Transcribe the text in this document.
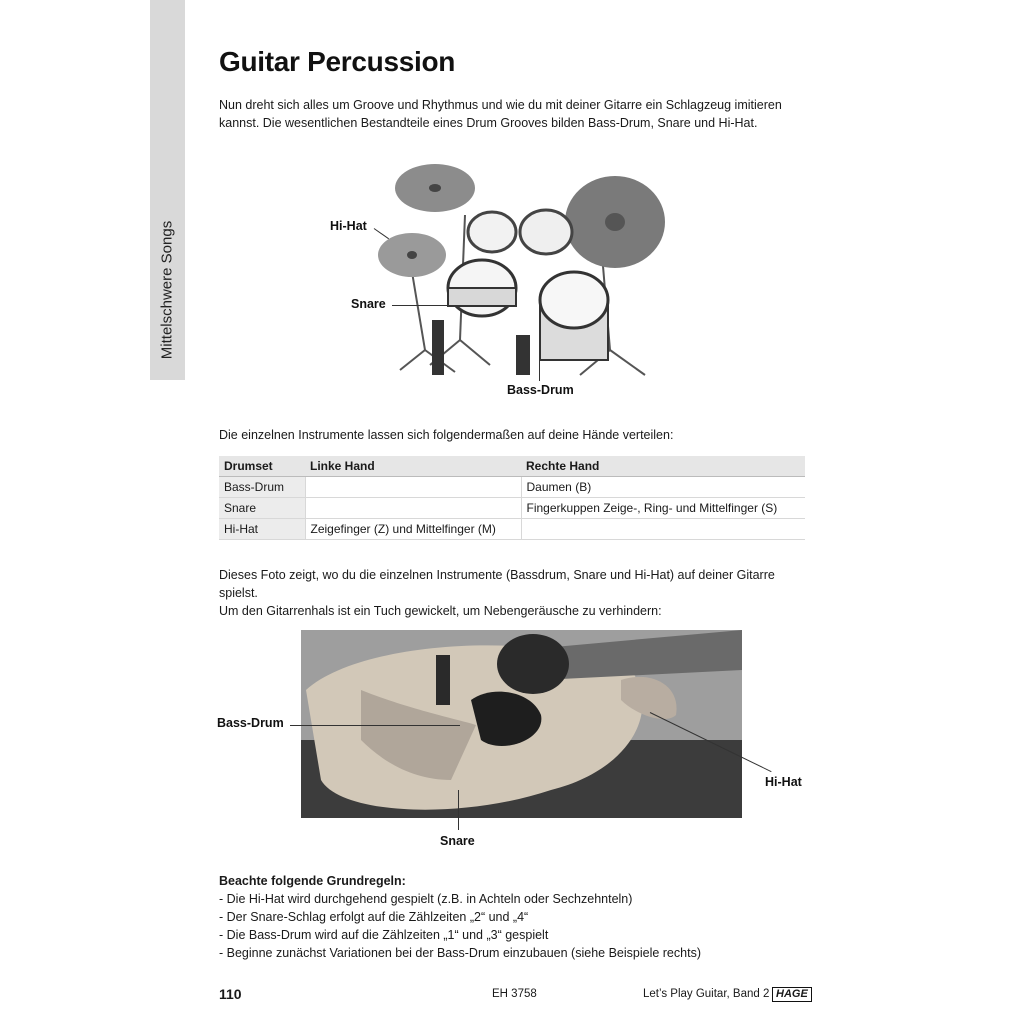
Mittelschwere Songs
Guitar Percussion

Nun dreht sich alles um Groove und Rhythmus und wie du mit deiner Gitarre ein Schlagzeug imitieren

kannst. Die wesentlichen Bestandteile eines Drum Grooves bilden Bass-Drum, Snare und Hi-Hat.

Hi-Hat
Snare
Bass-Drum
Die einzelnen Instrumente lassen sich folgendermaßen auf deine Hände verteilen:
Drumset	Linke Hand	Rechte Hand
Bass-Drum		Daumen (B)
Snare		Fingerkuppen Zeige-, Ring- und Mittelfinger (S)
Hi-Hat	Zeigefinger (Z) und Mittelfinger (M)	

Dieses Foto zeigt, wo du die einzelnen Instrumente (Bassdrum, Snare und Hi-Hat) auf deiner Gitarre spielst.

Um den Gitarrenhals ist ein Tuch gewickelt, um Nebengeräusche zu verhindern:

Bass-Drum
Hi-Hat
Snare
Beachte folgende Grundregeln:
- Die Hi-Hat wird durchgehend gespielt (z.B. in Achteln oder Sechzehnteln)
- Der Snare-Schlag erfolgt auf die Zählzeiten „2“ und „4“
- Die Bass-Drum wird auf die Zählzeiten „1“ und „3“ gespielt
- Beginne zunächst Variationen bei der Bass-Drum einzubauen (siehe Beispiele rechts)
110	EH 3758	Let’s Play Guitar, Band 2 HAGE
